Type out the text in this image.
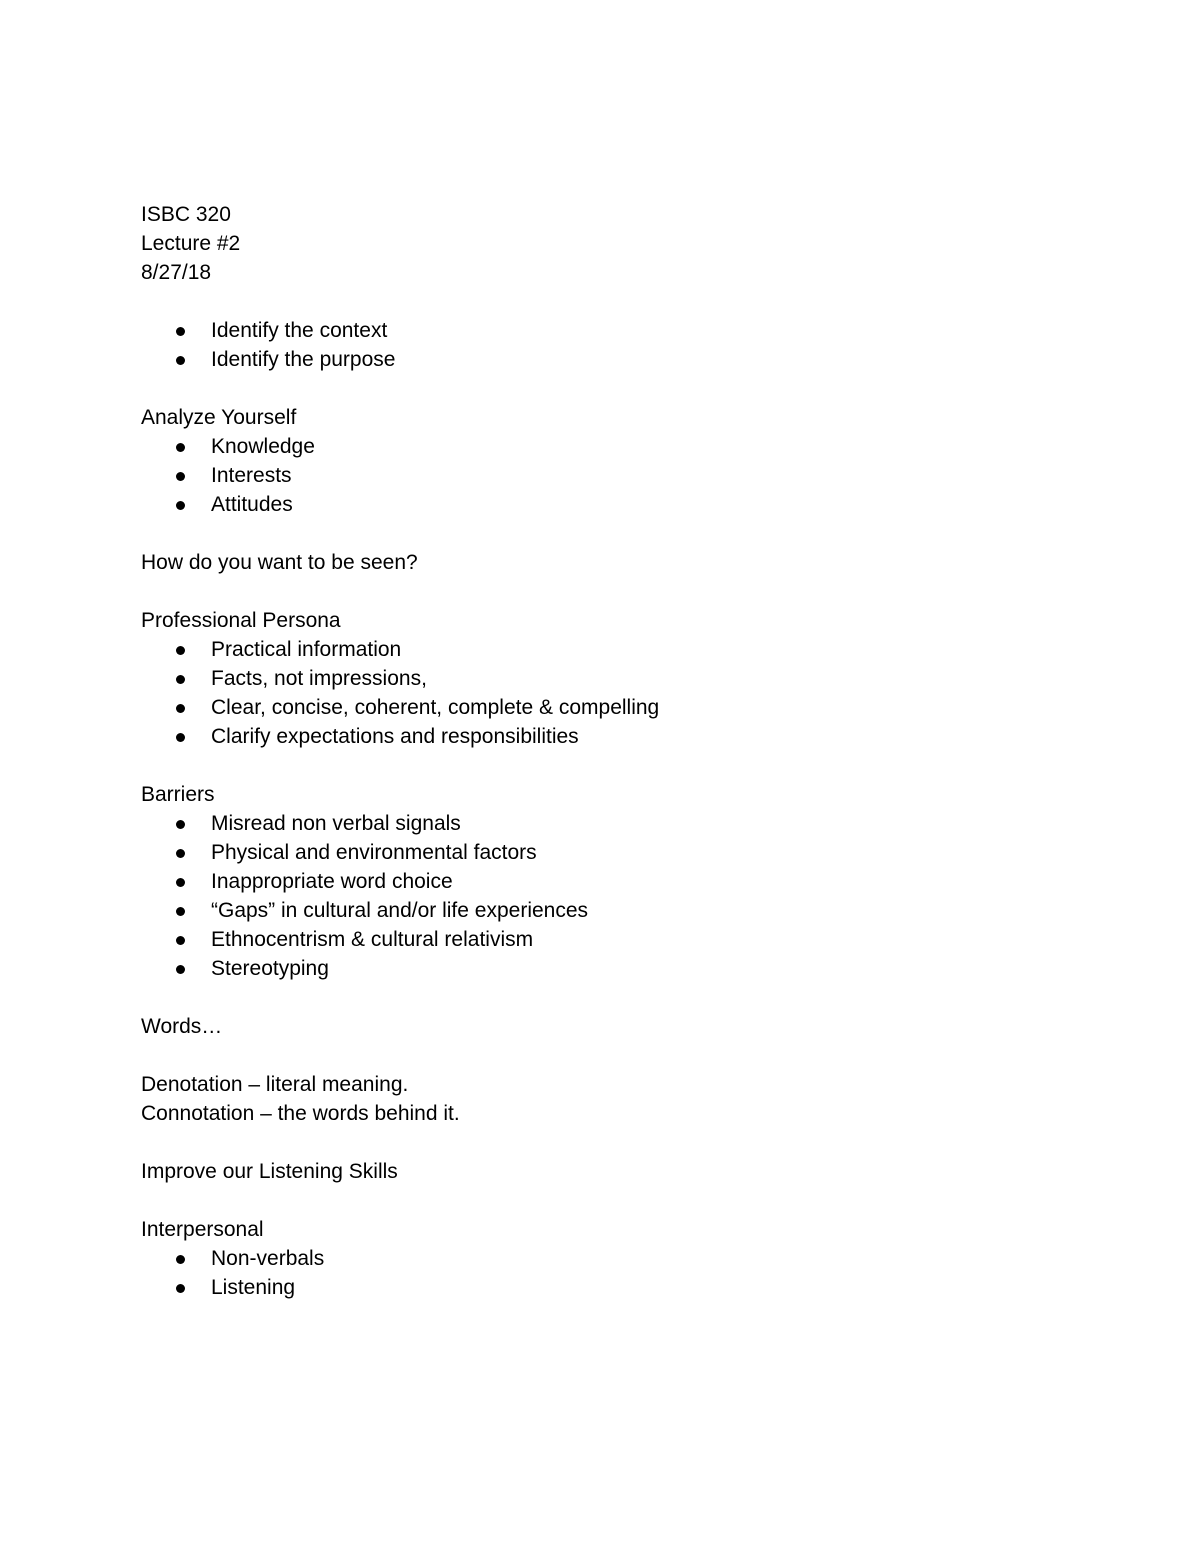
ISBC 320

Lecture #2

8/27/18

Identify the context
Identify the purpose

Analyze Yourself

Knowledge
Interests
Attitudes

How do you want to be seen?

Professional Persona

Practical information
Facts, not impressions,
Clear, concise, coherent, complete & compelling
Clarify expectations and responsibilities

Barriers

Misread non verbal signals
Physical and environmental factors
Inappropriate word choice
“Gaps” in cultural and/or life experiences
Ethnocentrism & cultural relativism
Stereotyping

Words…

Denotation – literal meaning.

Connotation – the words behind it.

Improve our Listening Skills

Interpersonal

Non-verbals
Listening
